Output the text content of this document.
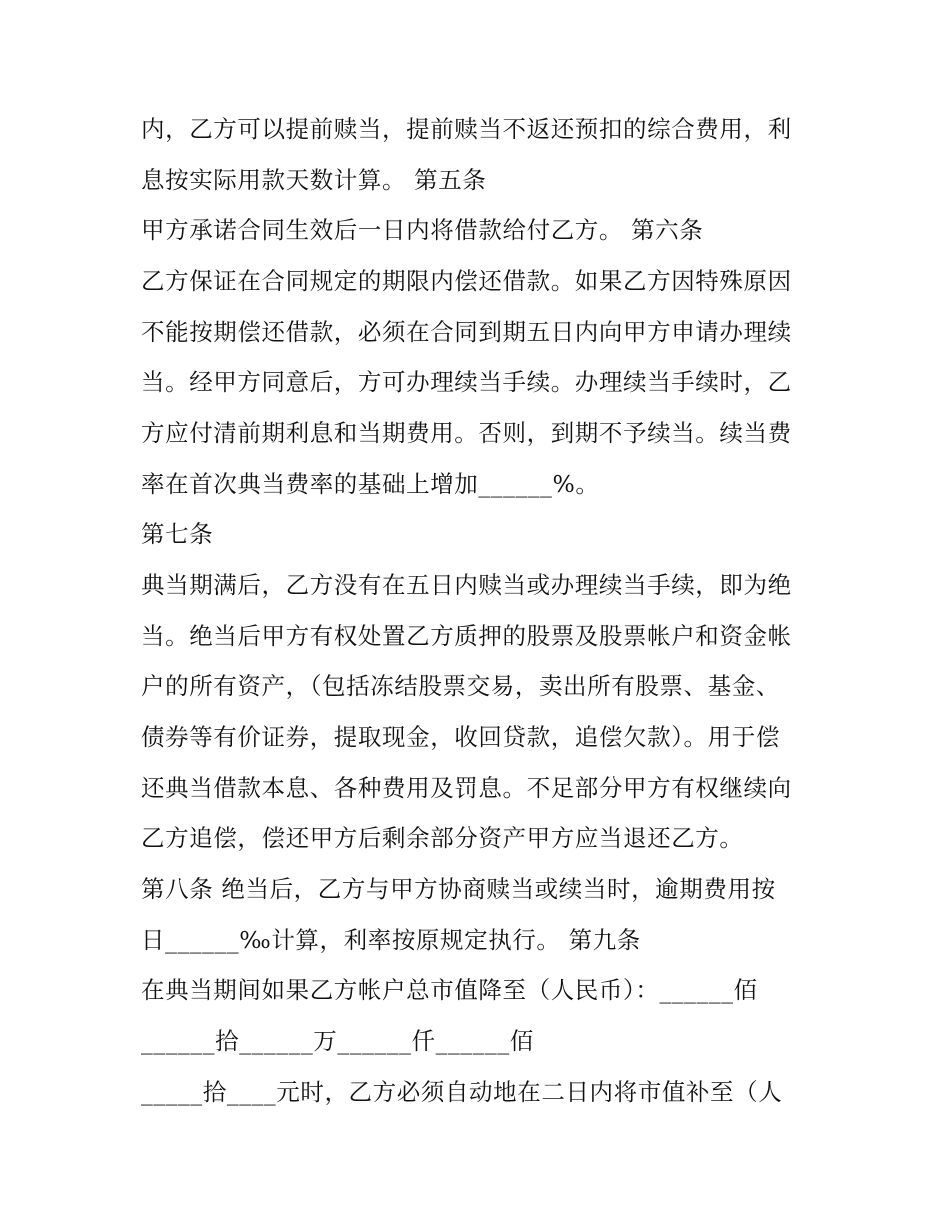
内，乙方可以提前赎当，提前赎当不返还预扣的综合费用，利
息按实际用款天数计算。 第五条
甲方承诺合同生效后一日内将借款给付乙方。 第六条
乙方保证在合同规定的期限内偿还借款。如果乙方因特殊原因
不能按期偿还借款，必须在合同到期五日内向甲方申请办理续
当。经甲方同意后，方可办理续当手续。办理续当手续时，乙
方应付清前期利息和当期费用。否则，到期不予续当。续当费
率在首次典当费率的基础上增加______%。
第七条
典当期满后，乙方没有在五日内赎当或办理续当手续，即为绝
当。绝当后甲方有权处置乙方质押的股票及股票帐户和资金帐
户的所有资产，（包括冻结股票交易，卖出所有股票、基金、
债券等有价证券，提取现金，收回贷款，追偿欠款）。用于偿
还典当借款本息、各种费用及罚息。不足部分甲方有权继续向
乙方追偿，偿还甲方后剩余部分资产甲方应当退还乙方。
第八条 绝当后，乙方与甲方协商赎当或续当时，逾期费用按
日______‰计算，利率按原规定执行。 第九条
在典当期间如果乙方帐户总市值降至（人民币）：______佰
______拾______万______仟______佰
_____拾____元时，乙方必须自动地在二日内将市值补至（人
